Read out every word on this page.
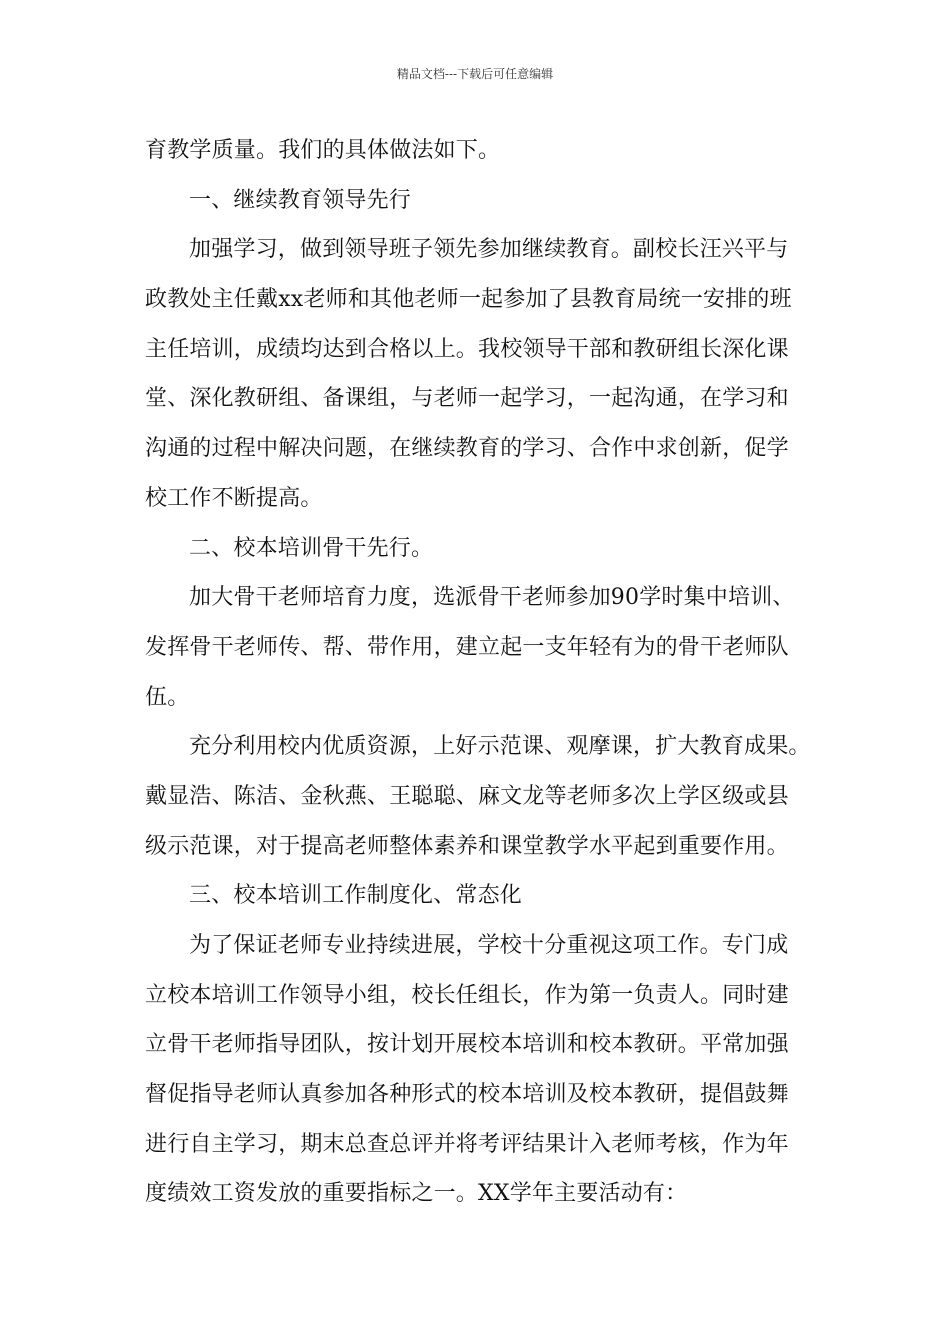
精品文档---下载后可任意编辑
育教学质量。我们的具体做法如下。
一、继续教育领导先行
加强学习，做到领导班子领先参加继续教育。副校长汪兴平与
政教处主任戴xx老师和其他老师一起参加了县教育局统一安排的班
主任培训，成绩均达到合格以上。我校领导干部和教研组长深化课
堂、深化教研组、备课组，与老师一起学习，一起沟通，在学习和
沟通的过程中解决问题，在继续教育的学习、合作中求创新，促学
校工作不断提高。
二、校本培训骨干先行。
加大骨干老师培育力度，选派骨干老师参加90学时集中培训、
发挥骨干老师传、帮、带作用，建立起一支年轻有为的骨干老师队
伍。
充分利用校内优质资源，上好示范课、观摩课，扩大教育成果。
戴显浩、陈洁、金秋燕、王聪聪、麻文龙等老师多次上学区级或县
级示范课，对于提高老师整体素养和课堂教学水平起到重要作用。
三、校本培训工作制度化、常态化
为了保证老师专业持续进展，学校十分重视这项工作。专门成
立校本培训工作领导小组，校长任组长，作为第一负责人。同时建
立骨干老师指导团队，按计划开展校本培训和校本教研。平常加强
督促指导老师认真参加各种形式的校本培训及校本教研，提倡鼓舞
进行自主学习，期末总查总评并将考评结果计入老师考核，作为年
度绩效工资发放的重要指标之一。XX学年主要活动有：
